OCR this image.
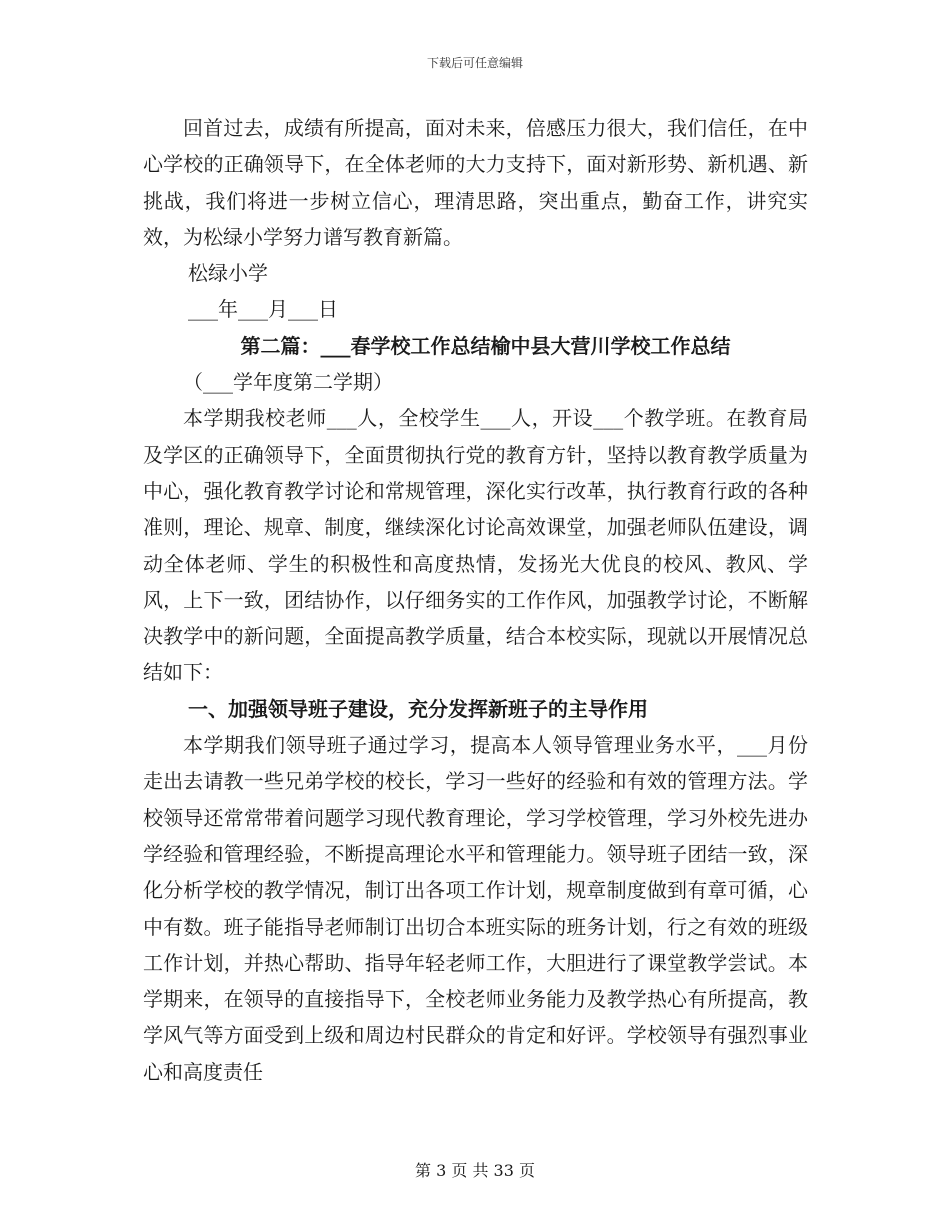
下载后可任意编辑

回首过去，成绩有所提高，面对未来，倍感压力很大，我们信任，在中心学校的正确领导下，在全体老师的大力支持下，面对新形势、新机遇、新挑战，我们将进一步树立信心，理清思路，突出重点，勤奋工作，讲究实效，为松绿小学努力谱写教育新篇。

松绿小学

___年___月___日

第二篇：___春学校工作总结榆中县大营川学校工作总结

（___学年度第二学期）

本学期我校老师___人，全校学生___人，开设___个教学班。在教育局及学区的正确领导下，全面贯彻执行党的教育方针，坚持以教育教学质量为中心，强化教育教学讨论和常规管理，深化实行改革，执行教育行政的各种准则，理论、规章、制度，继续深化讨论高效课堂，加强老师队伍建设，调动全体老师、学生的积极性和高度热情，发扬光大优良的校风、教风、学风，上下一致，团结协作，以仔细务实的工作作风，加强教学讨论，不断解决教学中的新问题，全面提高教学质量，结合本校实际，现就以开展情况总结如下：

一、加强领导班子建设，充分发挥新班子的主导作用

本学期我们领导班子通过学习，提高本人领导管理业务水平，___月份走出去请教一些兄弟学校的校长，学习一些好的经验和有效的管理方法。学校领导还常常带着问题学习现代教育理论，学习学校管理，学习外校先进办学经验和管理经验，不断提高理论水平和管理能力。领导班子团结一致，深化分析学校的教学情况，制订出各项工作计划，规章制度做到有章可循，心中有数。班子能指导老师制订出切合本班实际的班务计划，行之有效的班级工作计划，并热心帮助、指导年轻老师工作，大胆进行了课堂教学尝试。本学期来，在领导的直接指导下，全校老师业务能力及教学热心有所提高，教学风气等方面受到上级和周边村民群众的肯定和好评。学校领导有强烈事业心和高度责任

第 3 页 共 33 页
